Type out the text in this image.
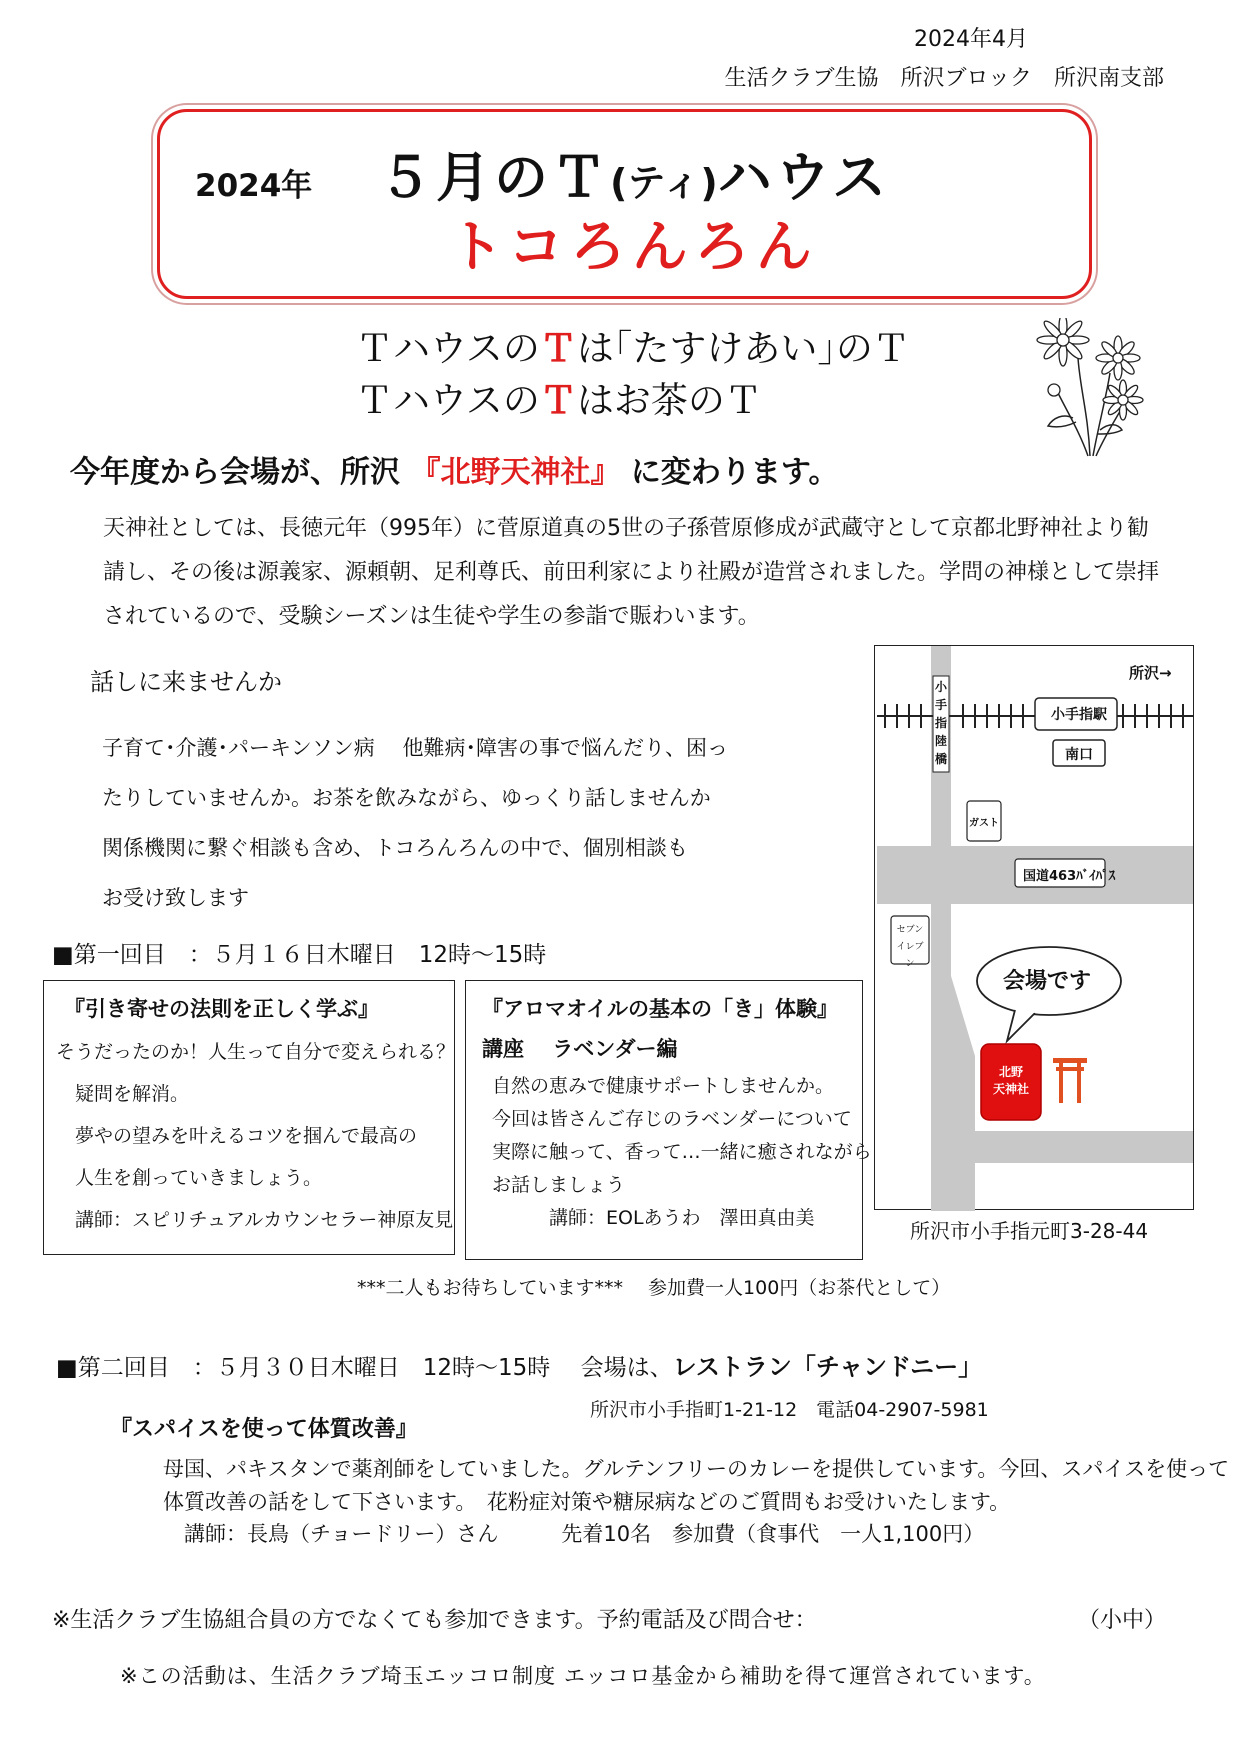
2024年4月
生活クラブ生協　所沢ブロック　所沢南支部
2024年 ５月のＴ(ティ)ハウス
トコろんろん
ＴハウスのＴは｢たすけあい｣のＴ
ＴハウスのＴはお茶のＴ
今年度から会場が、所沢 『北野天神社』 に変わります。
天神社としては、長徳元年（995年）に菅原道真の5世の子孫菅原修成が武蔵守として京都北野神社より勧請し、その後は源義家、源頼朝、足利尊氏、前田利家により社殿が造営されました。学問の神様として崇拝されているので、受験シーズンは生徒や学生の参詣で賑わいます。
話しに来ませんか
子育て･介護･パーキンソン病　 他難病･障害の事で悩んだり、困っ
たりしていませんか。お茶を飲みながら、ゆっくり話しませんか
関係機関に繋ぐ相談も含め、トコろんろんの中で、個別相談も
お受け致します
■第一回目　：５月１６日木曜日　12時～15時
『引き寄せの法則を正しく学ぶ』
そうだったのか！人生って自分で変えられる？
　疑問を解消。
　夢やの望みを叶えるコツを掴んで最高の
　人生を創っていきましょう。
　講師：スピリチュアルカウンセラー神原友見
『アロマオイルの基本の「き」体験』
講座　 ラベンダー編
自然の恵みで健康サポートしませんか。
今回は皆さんご存じのラベンダーについて
実際に触って、香って…一緒に癒されながら
お話しましょう
　　　講師：EOLあうわ　澤田真由美
***二人もお待ちしています***　 参加費一人100円（お茶代として）
所沢→
小手指駅
南口
小
手
指
陸
橋
ガスト
国道463ﾊﾞｲﾊﾟｽ
セブン
イレブン
会場です
北野
天神社
所沢市小手指元町3-28-44
■第二回目　：５月３０日木曜日　12時～15時　 会場は、レストラン「チャンドニー」
所沢市小手指町1-21-12　電話04-2907-5981
『スパイスを使って体質改善』
母国、パキスタンで薬剤師をしていました。グルテンフリーのカレーを提供しています。今回、スパイスを使って
体質改善の話をして下さいます。　花粉症対策や糖尿病などのご質問もお受けいたします。
　講師：長鳥（チョードリー）さん　　　先着10名　参加費（食事代　一人1,100円）
※生活クラブ生協組合員の方でなくても参加できます。予約電話及び問合せ：	（小中）
※この活動は、生活クラブ埼玉エッコロ制度 エッコロ基金から補助を得て運営されています。
